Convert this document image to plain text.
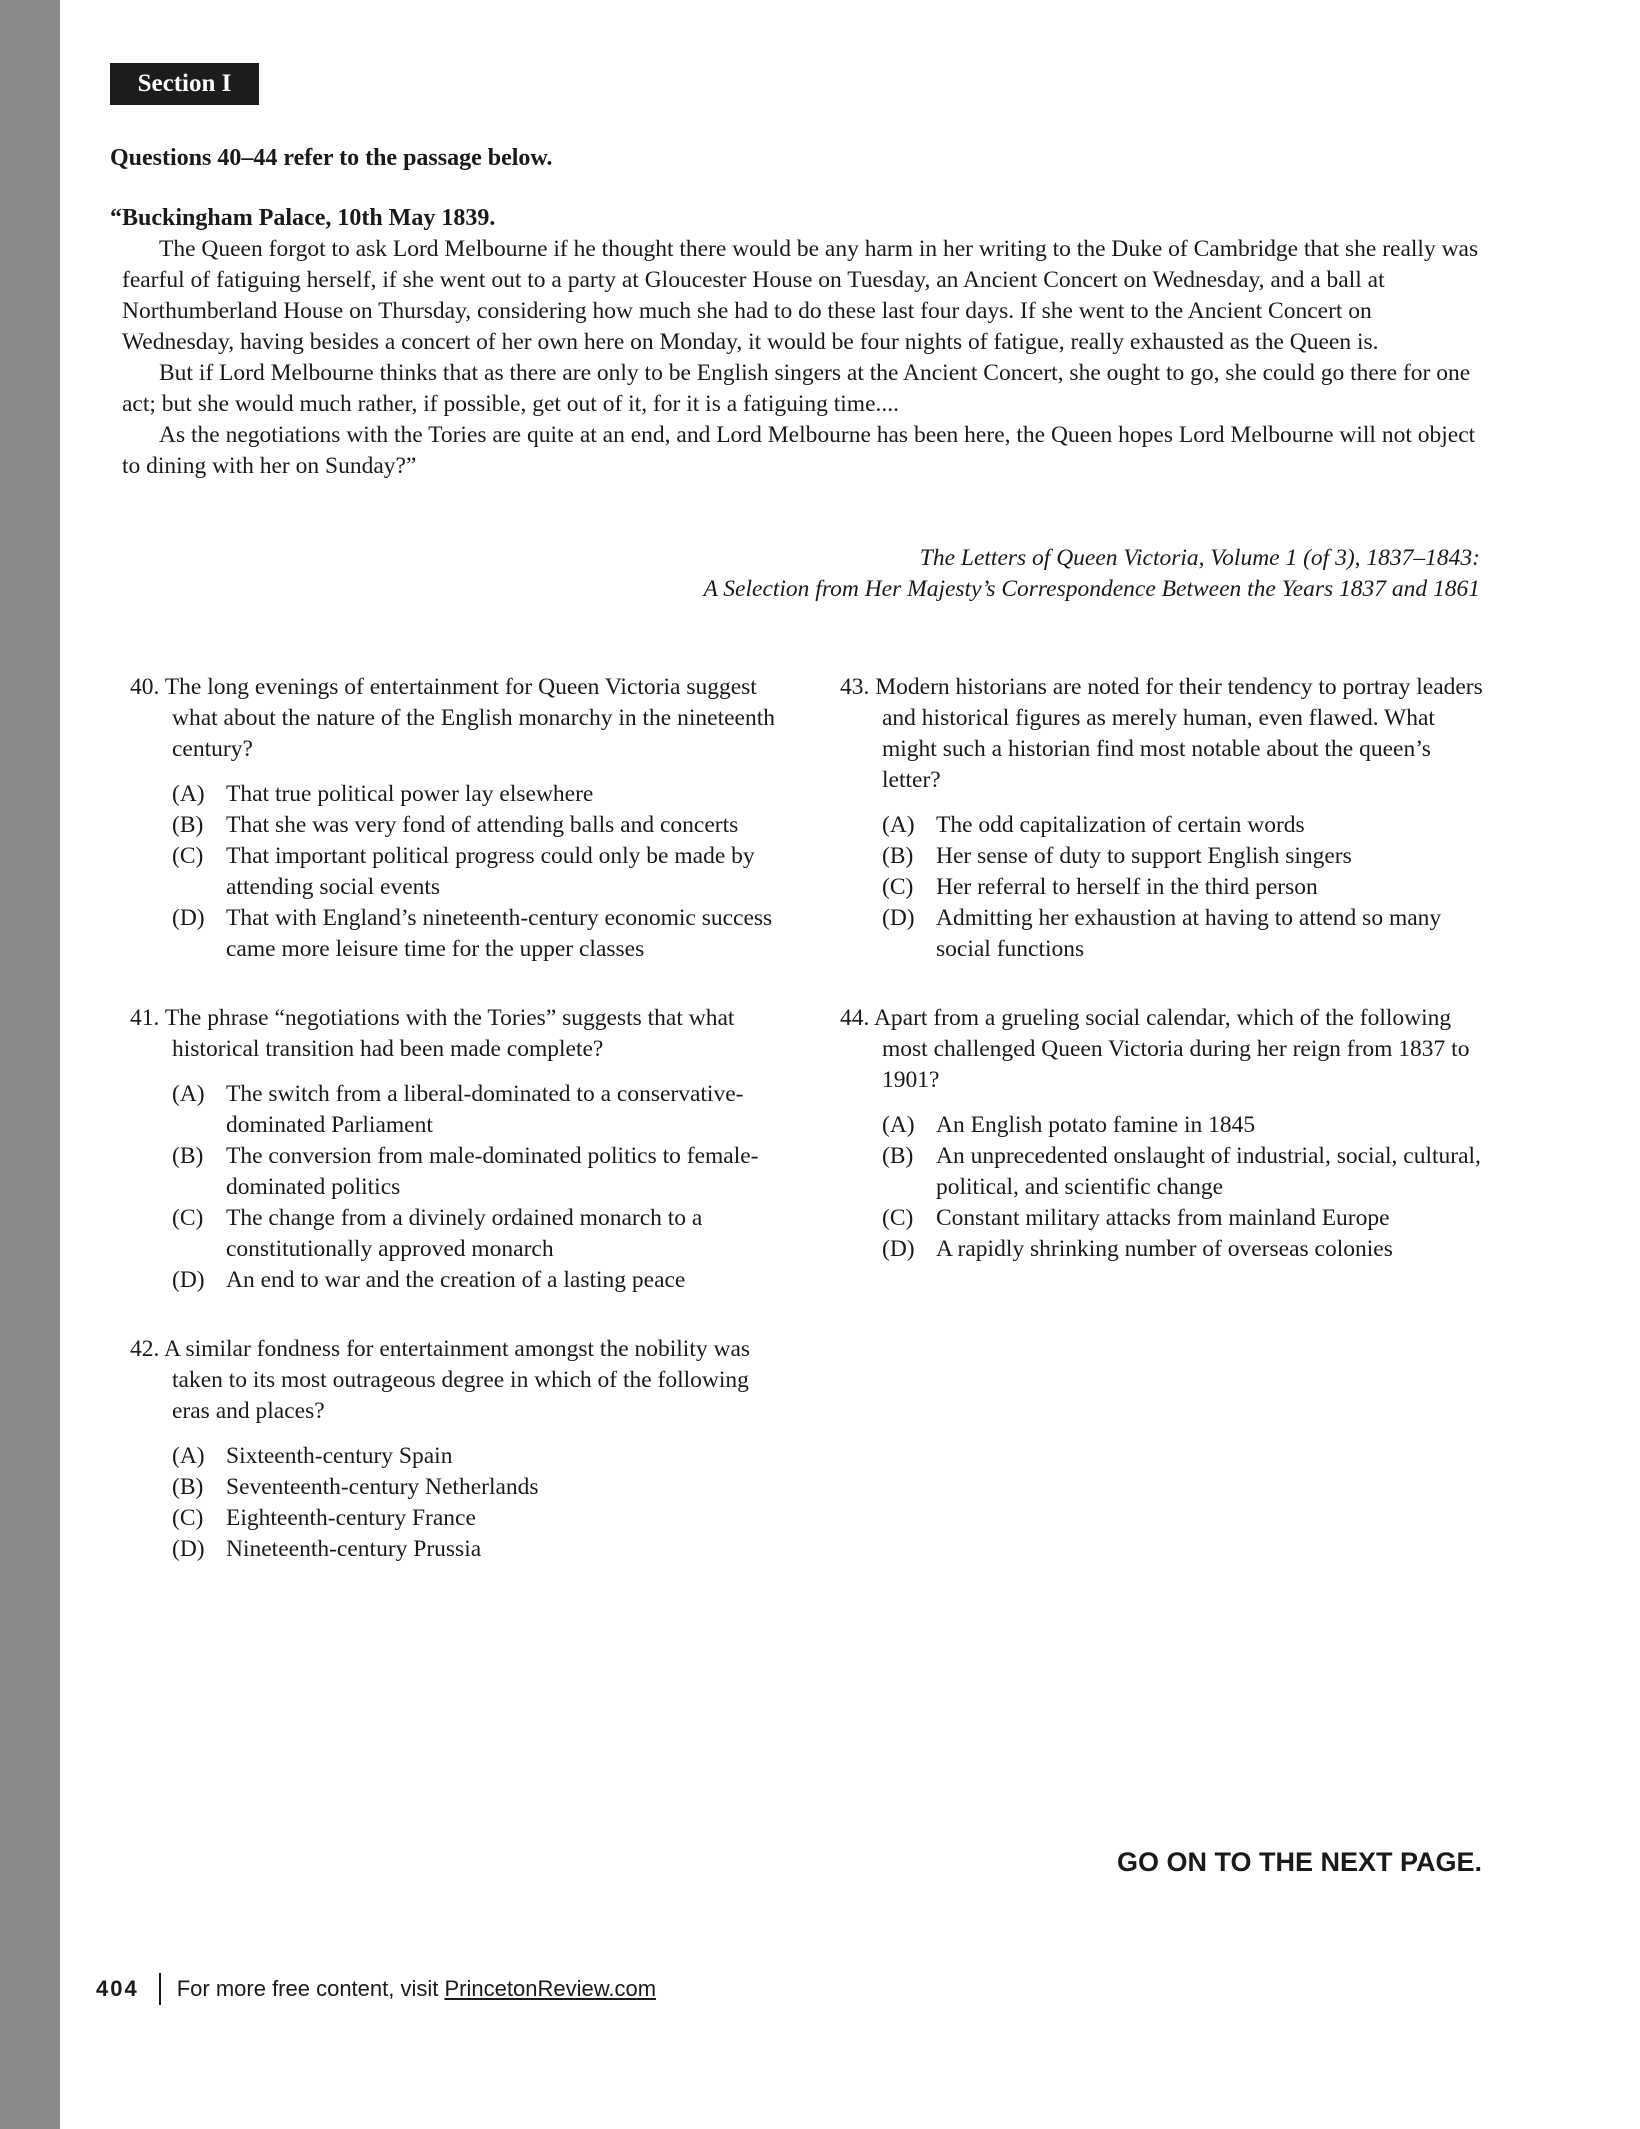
Section I
Questions 40–44 refer to the passage below.

“Buckingham Palace, 10th May 1839.

The Queen forgot to ask Lord Melbourne if he thought there would be any harm in her writing to the Duke of Cambridge that she really was fearful of fatiguing herself, if she went out to a party at Gloucester House on Tuesday, an Ancient Concert on Wednesday, and a ball at Northumberland House on Thursday, considering how much she had to do these last four days. If she went to the Ancient Concert on Wednesday, having besides a concert of her own here on Monday, it would be four nights of fatigue, really exhausted as the Queen is.

But if Lord Melbourne thinks that as there are only to be English singers at the Ancient Concert, she ought to go, she could go there for one act; but she would much rather, if possible, get out of it, for it is a fatiguing time....

As the negotiations with the Tories are quite at an end, and Lord Melbourne has been here, the Queen hopes Lord Melbourne will not object to dining with her on Sunday?”

The Letters of Queen Victoria, Volume 1 (of 3), 1837–1843:
A Selection from Her Majesty’s Correspondence Between the Years 1837 and 1861

40. The long evenings of entertainment for Queen Victoria suggest what about the nature of the English monarchy in the nineteenth century?

(A) That true political power lay elsewhere
(B) That she was very fond of attending balls and concerts
(C) That important political progress could only be made by attending social events
(D) That with England’s nineteenth-century economic success came more leisure time for the upper classes

41. The phrase “negotiations with the Tories” suggests that what historical transition had been made complete?

(A) The switch from a liberal-dominated to a conservative-dominated Parliament
(B) The conversion from male-dominated politics to female-dominated politics
(C) The change from a divinely ordained monarch to a constitutionally approved monarch
(D) An end to war and the creation of a lasting peace

42. A similar fondness for entertainment amongst the nobility was taken to its most outrageous degree in which of the following eras and places?

(A) Sixteenth-century Spain
(B) Seventeenth-century Netherlands
(C) Eighteenth-century France
(D) Nineteenth-century Prussia

43. Modern historians are noted for their tendency to portray leaders and historical figures as merely human, even flawed. What might such a historian find most notable about the queen’s letter?

(A) The odd capitalization of certain words
(B) Her sense of duty to support English singers
(C) Her referral to herself in the third person
(D) Admitting her exhaustion at having to attend so many social functions

44. Apart from a grueling social calendar, which of the following most challenged Queen Victoria during her reign from 1837 to 1901?

(A) An English potato famine in 1845
(B) An unprecedented onslaught of industrial, social, cultural, political, and scientific change
(C) Constant military attacks from mainland Europe
(D) A rapidly shrinking number of overseas colonies
GO ON TO THE NEXT PAGE.
404 For more free content, visit
PrincetonReview.com
